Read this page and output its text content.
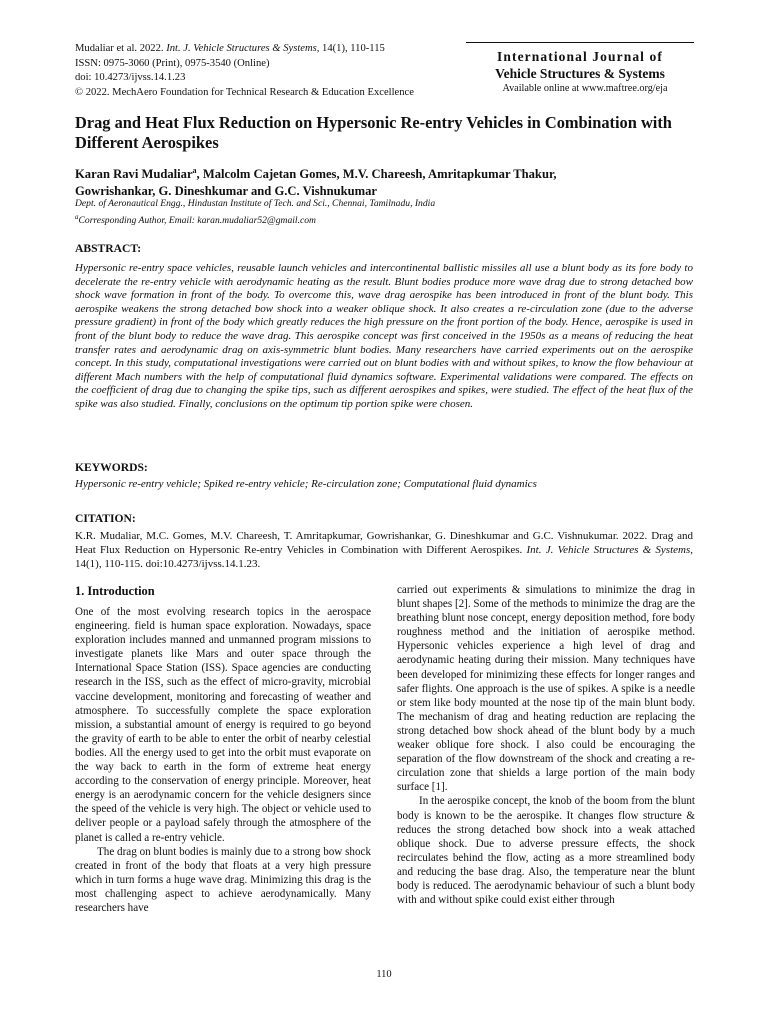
Mudaliar et al. 2022. Int. J. Vehicle Structures & Systems, 14(1), 110-115
ISSN: 0975-3060 (Print), 0975-3540 (Online)
doi: 10.4273/ijvss.14.1.23
© 2022. MechAero Foundation for Technical Research & Education Excellence
International Journal of
Vehicle Structures & Systems
Available online at www.maftree.org/eja
Drag and Heat Flux Reduction on Hypersonic Re-entry Vehicles in Combination with Different Aerospikes
Karan Ravi Mudaliar$^a$, Malcolm Cajetan Gomes, M.V. Chareesh, Amritapkumar Thakur,
Gowrishankar, G. Dineshkumar and G.C. Vishnukumar
Dept. of Aeronautical Engg., Hindustan Institute of Tech. and Sci., Chennai, Tamilnadu, India
$^a$Corresponding Author, Email: karan.mudaliar52@gmail.com
ABSTRACT:
Hypersonic re-entry space vehicles, reusable launch vehicles and intercontinental ballistic missiles all use a blunt body as its fore body to decelerate the re-entry vehicle with aerodynamic heating as the result. Blunt bodies produce more wave drag due to strong detached bow shock wave formation in front of the body. To overcome this, wave drag aerospike has been introduced in front of the blunt body. This aerospike weakens the strong detached bow shock into a weaker oblique shock. It also creates a re-circulation zone (due to the adverse pressure gradient) in front of the body which greatly reduces the high pressure on the front portion of the body. Hence, aerospike is used in front of the blunt body to reduce the wave drag. This aerospike concept was first conceived in the 1950s as a means of reducing the heat transfer rates and aerodynamic drag on axis-symmetric blunt bodies. Many researchers have carried experiments out on the aerospike concept. In this study, computational investigations were carried out on blunt bodies with and without spikes, to know the flow behaviour at different Mach numbers with the help of computational fluid dynamics software. Experimental validations were compared. The effects on the coefficient of drag due to changing the spike tips, such as different aerospikes and spikes, were studied. The effect of the heat flux of the spike was also studied. Finally, conclusions on the optimum tip portion spike were chosen.
KEYWORDS:
Hypersonic re-entry vehicle; Spiked re-entry vehicle; Re-circulation zone; Computational fluid dynamics
CITATION:
K.R. Mudaliar, M.C. Gomes, M.V. Chareesh, T. Amritapkumar, Gowrishankar, G. Dineshkumar and G.C. Vishnukumar. 2022. Drag and Heat Flux Reduction on Hypersonic Re-entry Vehicles in Combination with Different Aerospikes. Int. J. Vehicle Structures & Systems, 14(1), 110-115. doi:10.4273/ijvss.14.1.23.
1. Introduction

One of the most evolving research topics in the aerospace engineering. field is human space exploration. Nowadays, space exploration includes manned and unmanned program missions to investigate planets like Mars and outer space through the International Space Station (ISS). Space agencies are conducting research in the ISS, such as the effect of micro-gravity, microbial vaccine development, monitoring and forecasting of weather and atmosphere. To successfully complete the space exploration mission, a substantial amount of energy is required to go beyond the gravity of earth to be able to enter the orbit of nearby celestial bodies. All the energy used to get into the orbit must evaporate on the way back to earth in the form of extreme heat energy according to the conservation of energy principle. Moreover, heat energy is an aerodynamic concern for the vehicle designers since the speed of the vehicle is very high. The object or vehicle used to deliver people or a payload safely through the atmosphere of the planet is called a re-entry vehicle.

The drag on blunt bodies is mainly due to a strong bow shock created in front of the body that floats at a very high pressure which in turn forms a huge wave drag. Minimizing this drag is the most challenging aspect to achieve aerodynamically. Many researchers have

carried out experiments & simulations to minimize the drag in blunt shapes [2]. Some of the methods to minimize the drag are the breathing blunt nose concept, energy deposition method, fore body roughness method and the initiation of aerospike method. Hypersonic vehicles experience a high level of drag and aerodynamic heating during their mission. Many techniques have been developed for minimizing these effects for longer ranges and safer flights. One approach is the use of spikes. A spike is a needle or stem like body mounted at the nose tip of the main blunt body. The mechanism of drag and heating reduction are replacing the strong detached bow shock ahead of the blunt body by a much weaker oblique fore shock. I also could be encouraging the separation of the flow downstream of the shock and creating a re-circulation zone that shields a large portion of the main body surface [1].

In the aerospike concept, the knob of the boom from the blunt body is known to be the aerospike. It changes flow structure & reduces the strong detached bow shock into a weak attached oblique shock. Due to adverse pressure effects, the shock recirculates behind the flow, acting as a more streamlined body and reducing the base drag. Also, the temperature near the blunt body is reduced. The aerodynamic behaviour of such a blunt body with and without spike could exist either through

110
